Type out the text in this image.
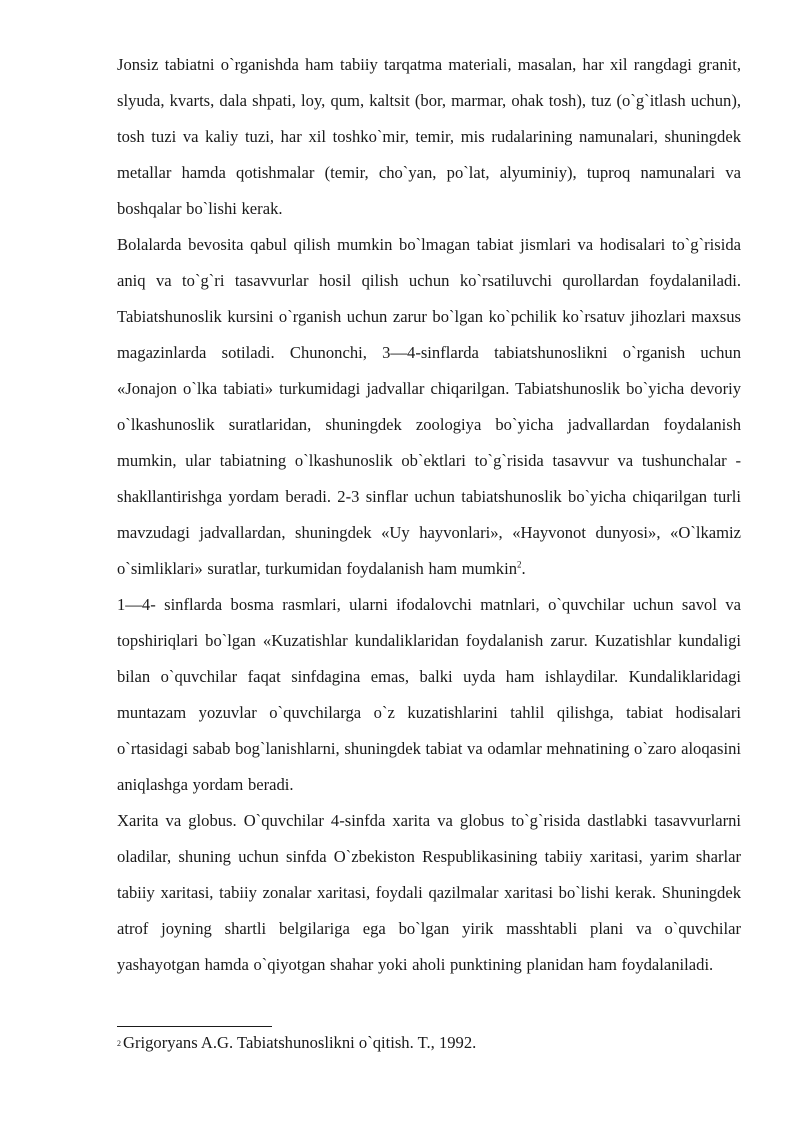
Jonsiz tabiatni o`rganishda ham tabiiy tarqatma materiali, masalan, har xil rangdagi granit, slyuda, kvarts, dala shpati, loy, qum, kaltsit (bor, marmar, ohak tosh), tuz (o`g`itlash uchun), tosh tuzi va kaliy tuzi, har xil toshko`mir, temir, mis rudalarining namunalari, shuningdek metallar hamda qotishmalar (temir, cho`yan, po`lat, alyuminiy), tuproq namunalari va boshqalar bo`lishi kerak.

Bolalarda bevosita qabul qilish mumkin bo`lmagan tabiat jismlari va hodisalari to`g`risida aniq va to`g`ri tasavvurlar hosil qilish uchun ko`rsatiluvchi qurollardan foydalaniladi. Tabiatshunoslik kursini o`rganish uchun zarur bo`lgan ko`pchilik ko`rsatuv jihozlari maxsus magazinlarda sotiladi. Chunonchi, 3—4-sinflarda tabiatshunoslikni o`rganish uchun «Jonajon o`lka tabiati» turkumidagi jadvallar chiqarilgan. Tabiatshunoslik bo`yicha devoriy o`lkashunoslik suratlaridan, shuningdek zoologiya bo`yicha jadvallardan foydalanish mumkin, ular tabiatning o`lkashunoslik ob`ektlari to`g`risida tasavvur va tushunchalar -shakllantirishga yordam beradi. 2-3 sinflar uchun tabiatshunoslik bo`yicha chiqarilgan turli mavzudagi jadvallardan, shuningdek «Uy hayvonlari», «Hayvonot dunyosi», «O`lkamiz o`simliklari» suratlar, turkumidan foydalanish ham mumkin$^2$.

1—4- sinflarda bosma rasmlari, ularni ifodalovchi matnlari, o`quvchilar uchun savol va topshiriqlari bo`lgan «Kuzatishlar kundaliklaridan foydalanish zarur. Kuzatishlar kundaligi bilan o`quvchilar faqat sinfdagina emas, balki uyda ham ishlaydilar. Kundaliklaridagi muntazam yozuvlar o`quvchilarga o`z kuzatishlarini tahlil qilishga, tabiat hodisalari o`rtasidagi sabab bog`lanishlarni, shuningdek tabiat va odamlar mehnatining o`zaro aloqasini aniqlashga yordam beradi.

Xarita va globus. O`quvchilar 4-sinfda xarita va globus to`g`risida dastlabki tasavvurlarni oladilar, shuning uchun sinfda O`zbekiston Respublikasining tabiiy xaritasi, yarim sharlar tabiiy xaritasi, tabiiy zonalar xaritasi, foydali qazilmalar xaritasi bo`lishi kerak. Shuningdek atrof joyning shartli belgilariga ega bo`lgan yirik masshtabli plani va o`quvchilar yashayotgan hamda o`qiyotgan shahar yoki aholi punktining planidan ham foydalaniladi.

$^2$ Grigoryans A.G. Tabiatshunoslikni o`qitish. T., 1992.
